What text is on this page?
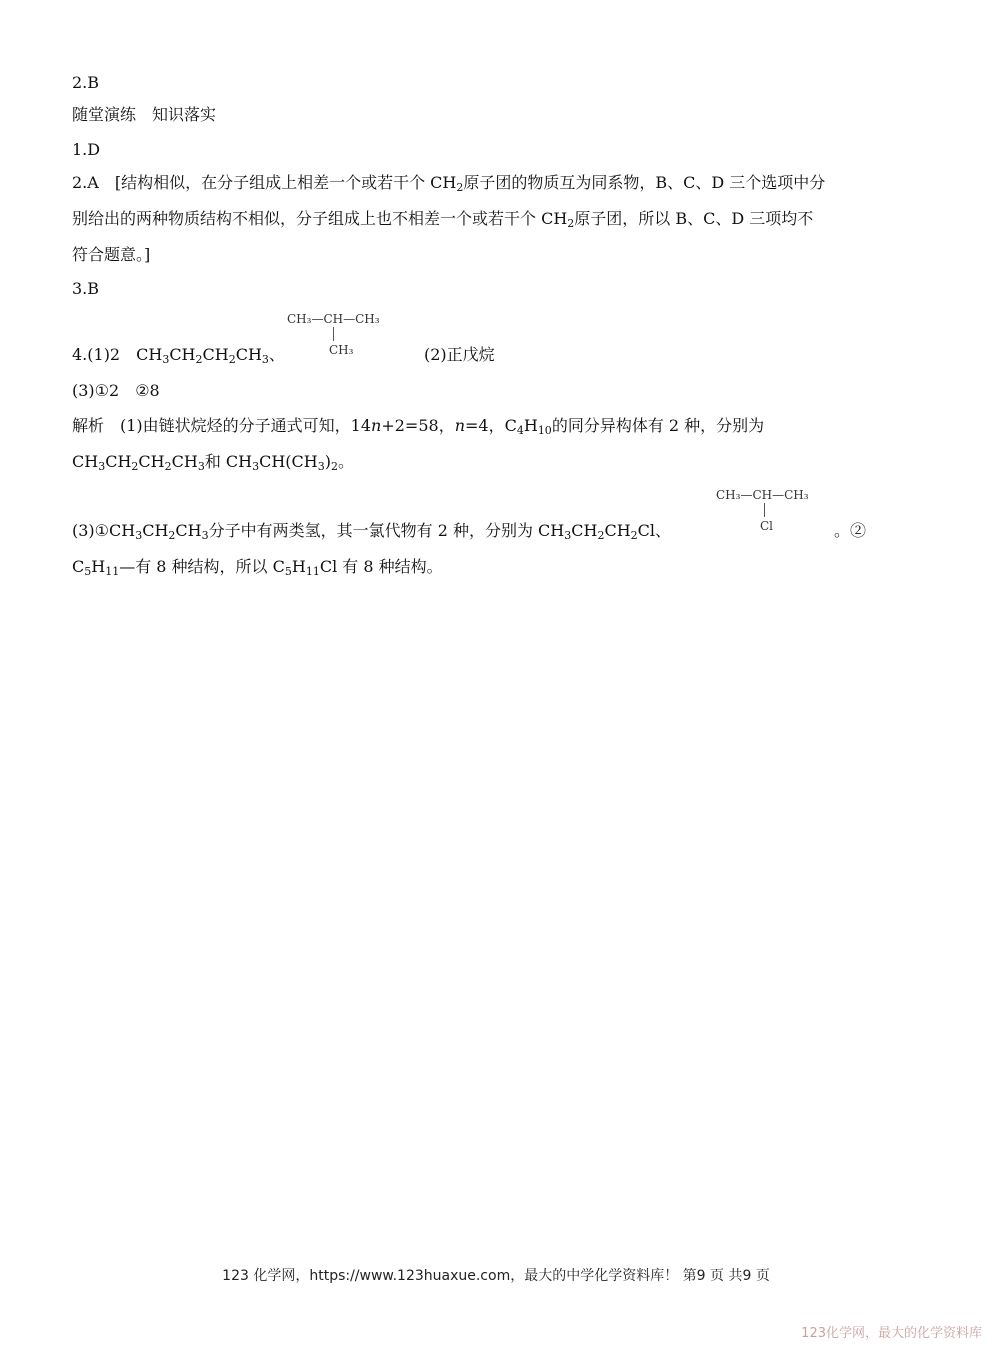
2.B
随堂演练　知识落实
1.D
2.A　[结构相似，在分子组成上相差一个或若干个 $CH_2$原子团的物质互为同系物，B、C、D 三个选项中分
别给出的两种物质结构不相似，分子组成上也不相差一个或若干个 $CH_2$原子团，所以 B、C、D 三项均不
符合题意。]
3.B
4.(1)2　$CH_3CH_2CH_2CH_3$、
CH₃—CH—CH₃
CH₃	(2)正戊烷
(3)①2　②8
解析　(1)由链状烷烃的分子通式可知，14n+2=58，n=4，$C_4H_{10}$的同分异构体有 2 种，分别为
$CH_3CH_2CH_2CH_3$和 $CH_3CH(CH_3)_2$。
$(3)①CH_3CH_2CH_3$分子中有两类氢，其一氯代物有 2 种，分别为 $CH_3CH_2CH_2Cl$、
CH₃—CH—CH₃
Cl	。②
$C_5H_{11}—$有 8 种结构，所以 $C_5H_{11}Cl$ 有 8 种结构。
123 化学网，https://www.123huaxue.com，最大的中学化学资料库！ 第9 页 共9 页
123化学网，最大的化学资料库
